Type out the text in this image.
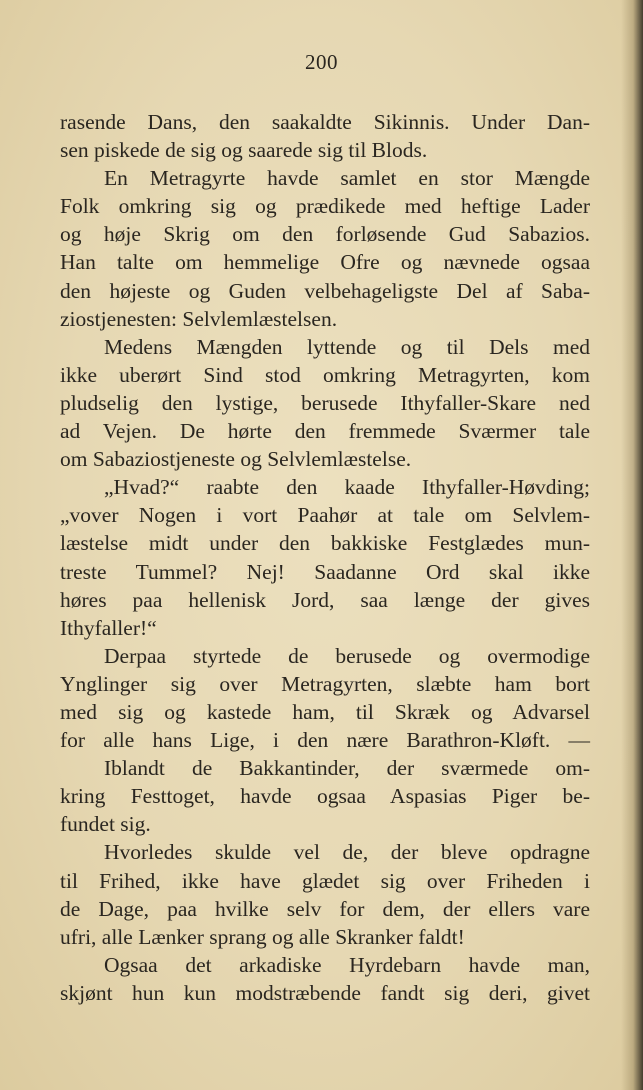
200
rasende Dans, den saakaldte Sikinnis. Under Dan-
sen piskede de sig og saarede sig til Blods.
En Metragyrte havde samlet en stor Mængde
Folk omkring sig og prædikede med heftige Lader
og høje Skrig om den forløsende Gud Sabazios.
Han talte om hemmelige Ofre og nævnede ogsaa
den højeste og Guden velbehageligste Del af Saba-
ziostjenesten: Selvlemlæstelsen.
Medens Mængden lyttende og til Dels med
ikke uberørt Sind stod omkring Metragyrten, kom
pludselig den lystige, berusede Ithyfaller-Skare ned
ad Vejen. De hørte den fremmede Sværmer tale
om Sabaziostjeneste og Selvlemlæstelse.
„Hvad?“ raabte den kaade Ithyfaller-Høvding;
„vover Nogen i vort Paahør at tale om Selvlem-
læstelse midt under den bakkiske Festglædes mun-
treste Tummel? Nej! Saadanne Ord skal ikke
høres paa hellenisk Jord, saa længe der gives
Ithyfaller!“
Derpaa styrtede de berusede og overmodige
Ynglinger sig over Metragyrten, slæbte ham bort
med sig og kastede ham, til Skræk og Advarsel
for alle hans Lige, i den nære Barathron-Kløft. —
Iblandt de Bakkantinder, der sværmede om-
kring Festtoget, havde ogsaa Aspasias Piger be-
fundet sig.
Hvorledes skulde vel de, der bleve opdragne
til Frihed, ikke have glædet sig over Friheden i
de Dage, paa hvilke selv for dem, der ellers vare
ufri, alle Lænker sprang og alle Skranker faldt!
Ogsaa det arkadiske Hyrdebarn havde man,
skjønt hun kun modstræbende fandt sig deri, givet
